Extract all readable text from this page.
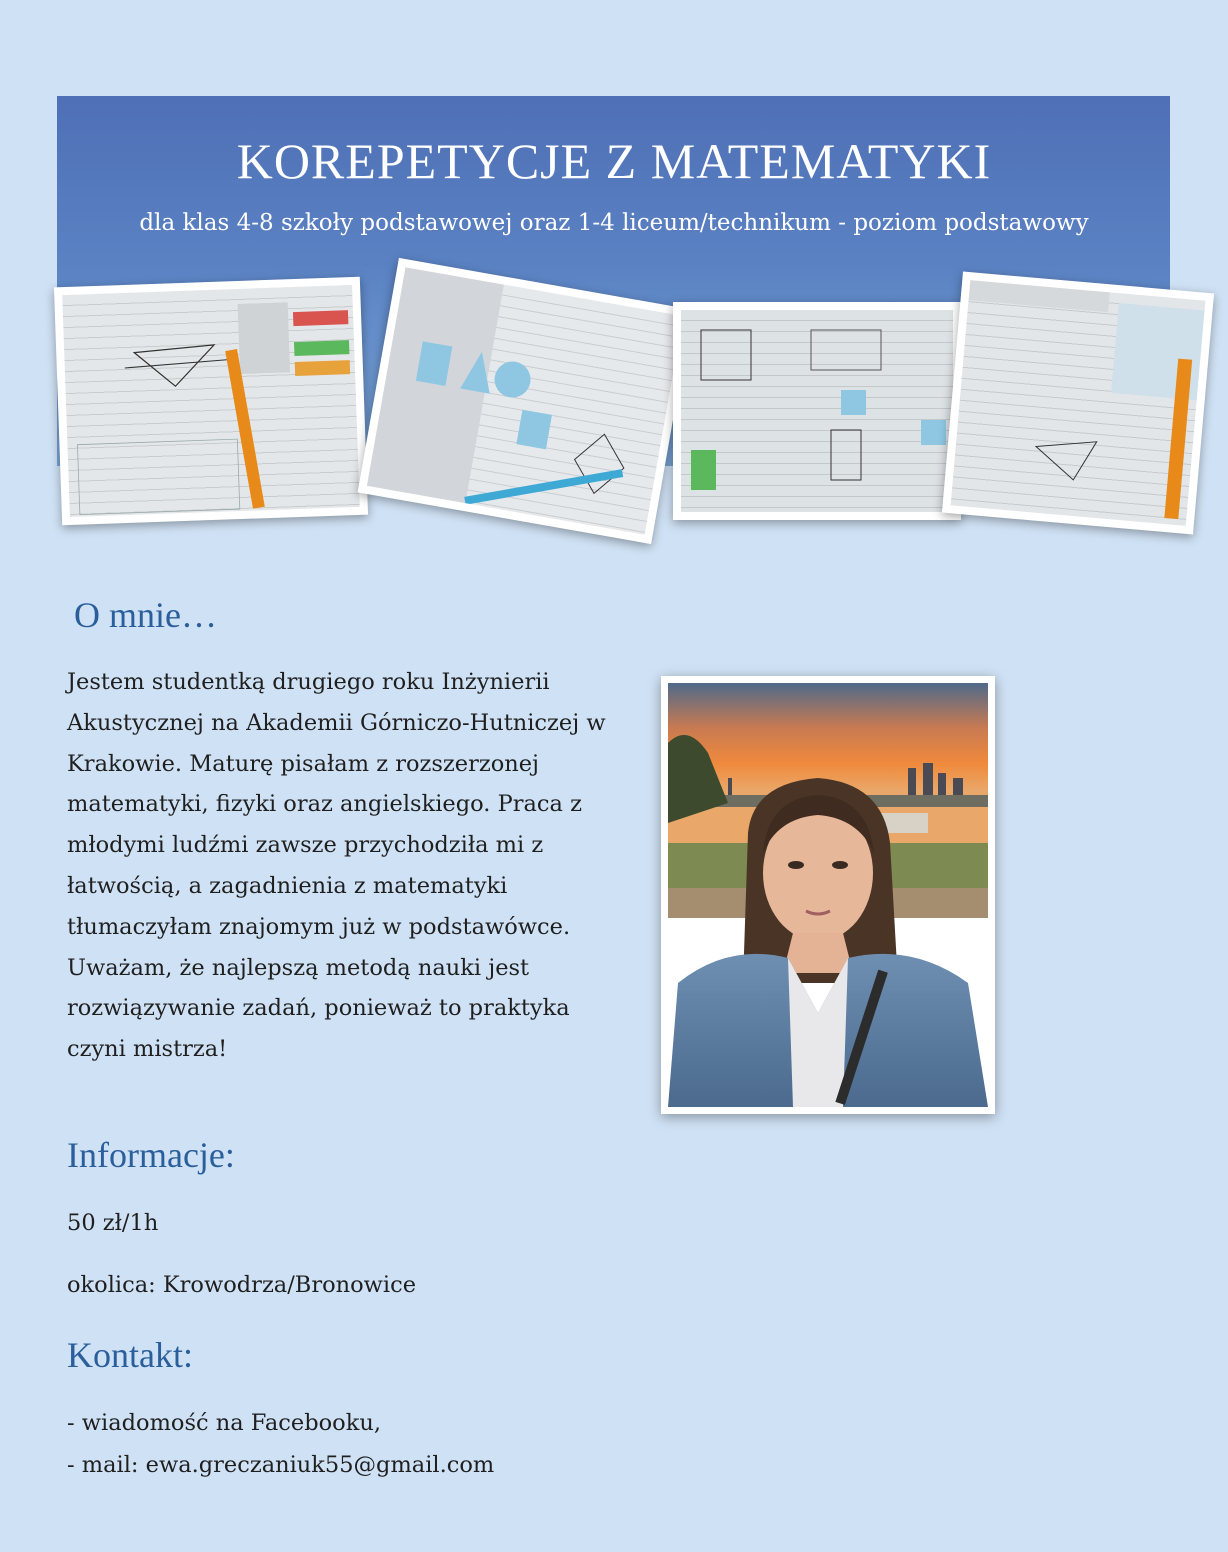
KOREPETYCJE Z MATEMATYKI
dla klas 4-8 szkoły podstawowej oraz 1-4 liceum/technikum - poziom podstawowy
O mnie…
Jestem studentką drugiego roku Inżynierii Akustycznej na Akademii Górniczo-Hutniczej w Krakowie. Maturę pisałam z rozszerzonej matematyki, fizyki oraz angielskiego. Praca z młodymi ludźmi zawsze przychodziła mi z łatwością, a zagadnienia z matematyki tłumaczyłam znajomym już w podstawówce. Uważam, że najlepszą metodą nauki jest rozwiązywanie zadań, ponieważ to praktyka czyni mistrza!
Informacje:
50 zł/1h
okolica: Krowodrza/Bronowice
Kontakt:
- wiadomość na Facebooku,
- mail: ewa.greczaniuk55@gmail.com
